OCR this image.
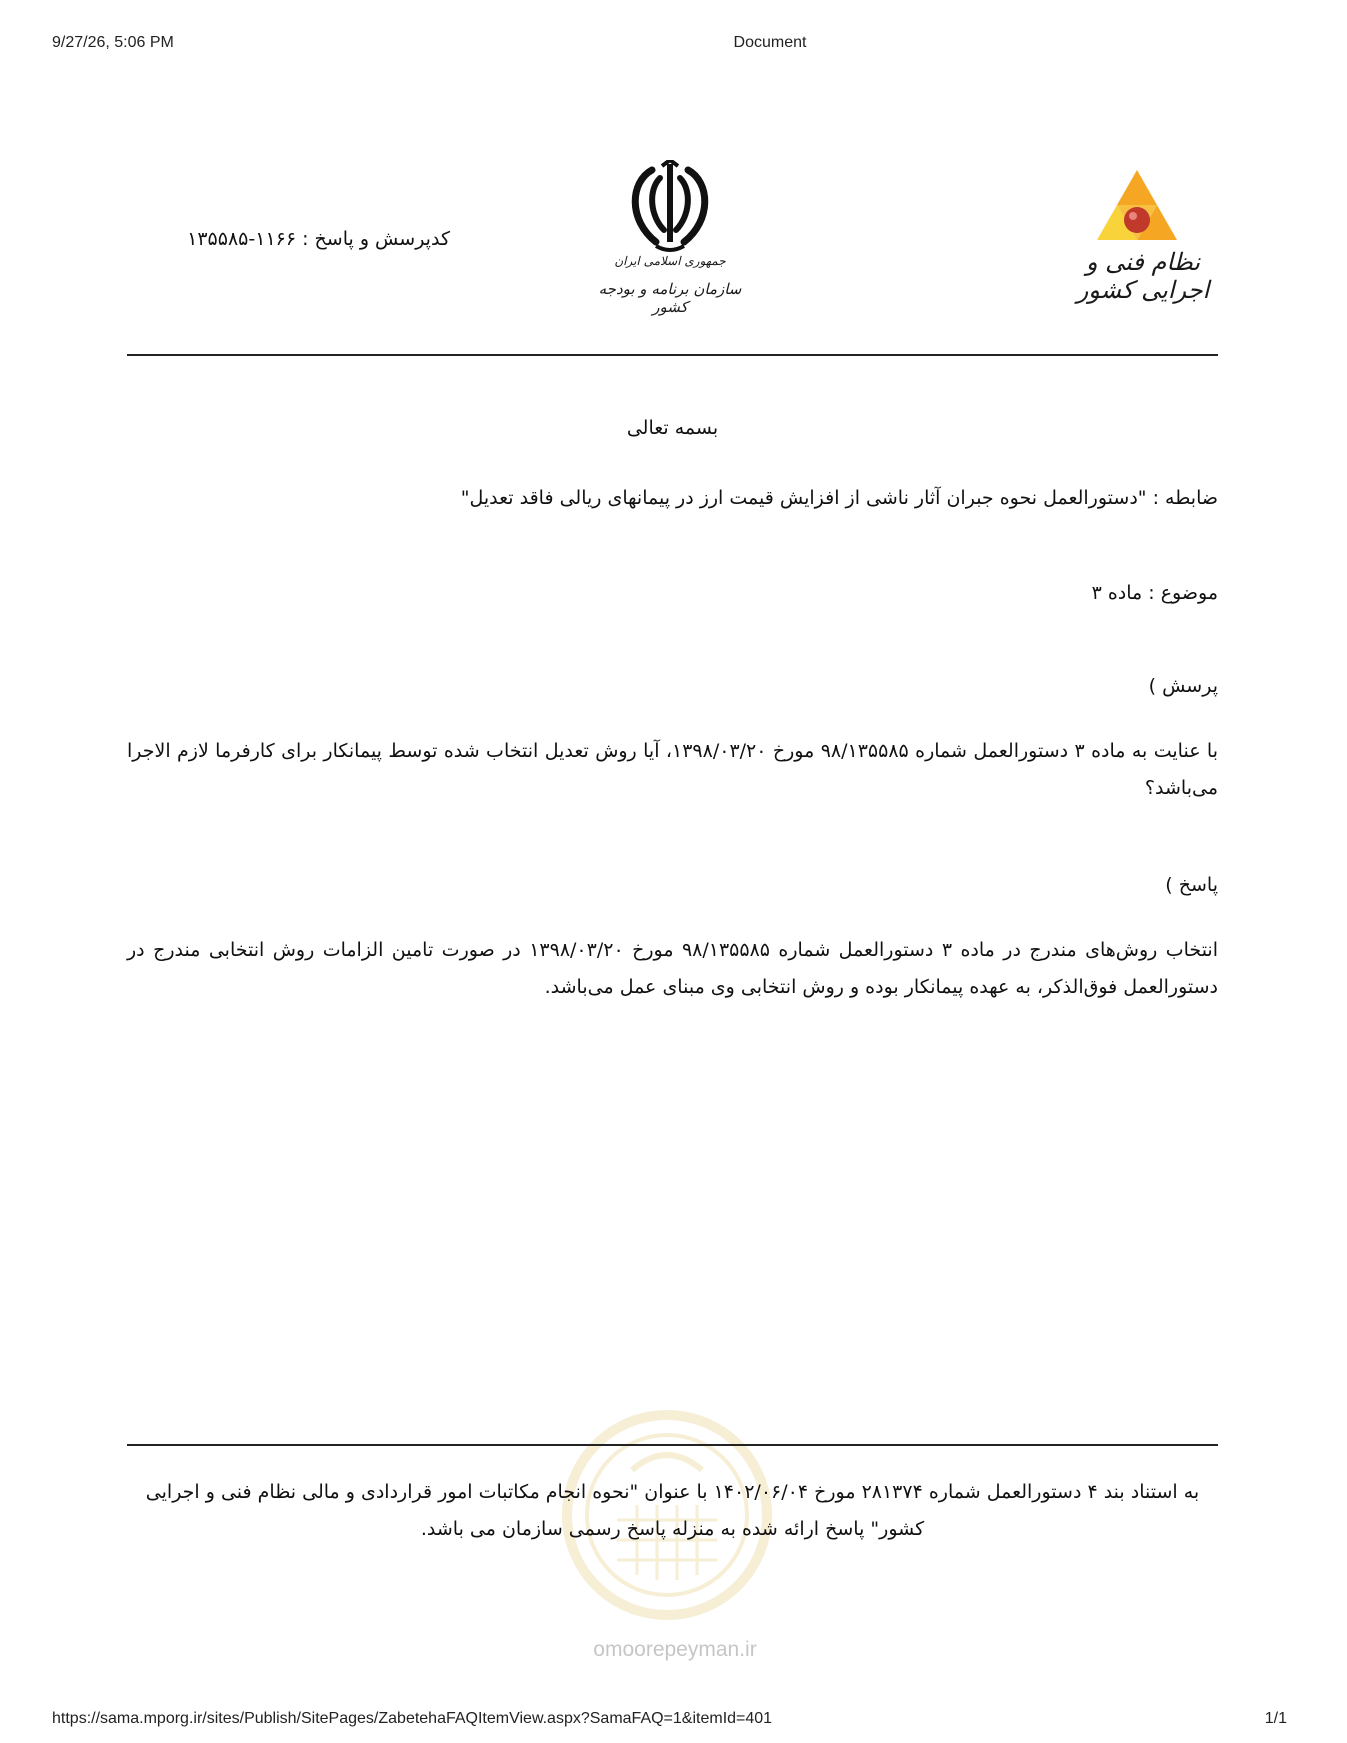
9/27/26, 5:06 PM	Document
نظام فنی و اجرایی کشور
جمهوری اسلامی ایران
سازمان برنامه و بودجه کشور
کدپرسش و پاسخ : ۱۱۶۶-۱۳۵۵۸۵
بسمه تعالی
ضابطه : "دستورالعمل نحوه جبران آثار ناشی از افزایش قیمت ارز در پیمانهای ریالی فاقد تعدیل"
موضوع : ماده ۳
پرسش )
با عنایت به ماده ۳ دستورالعمل شماره ۹۸/۱۳۵۵۸۵ مورخ ۱۳۹۸/۰۳/۲۰، آیا روش تعدیل انتخاب شده توسط پیمانکار برای کارفرما لازم الاجرا می‌باشد؟
پاسخ )
انتخاب روش‌های مندرج در ماده ۳ دستورالعمل شماره ۹۸/۱۳۵۵۸۵ مورخ ۱۳۹۸/۰۳/۲۰ در صورت تامین الزامات روش انتخابی مندرج در دستورالعمل فوق‌الذکر، به عهده پیمانکار بوده و روش انتخابی وی مبنای عمل می‌باشد.
به استناد بند ۴ دستورالعمل شماره ۲۸۱۳۷۴ مورخ ۱۴۰۲/۰۶/۰۴ با عنوان "نحوه انجام مکاتبات امور قراردادی و مالی نظام فنی و اجرایی کشور" پاسخ ارائه شده به منزله پاسخ رسمی سازمان می باشد.
omoorepeyman.ir
https://sama.mporg.ir/sites/Publish/SitePages/ZabetehaFAQItemView.aspx?SamaFAQ=1&itemId=401	1/1
